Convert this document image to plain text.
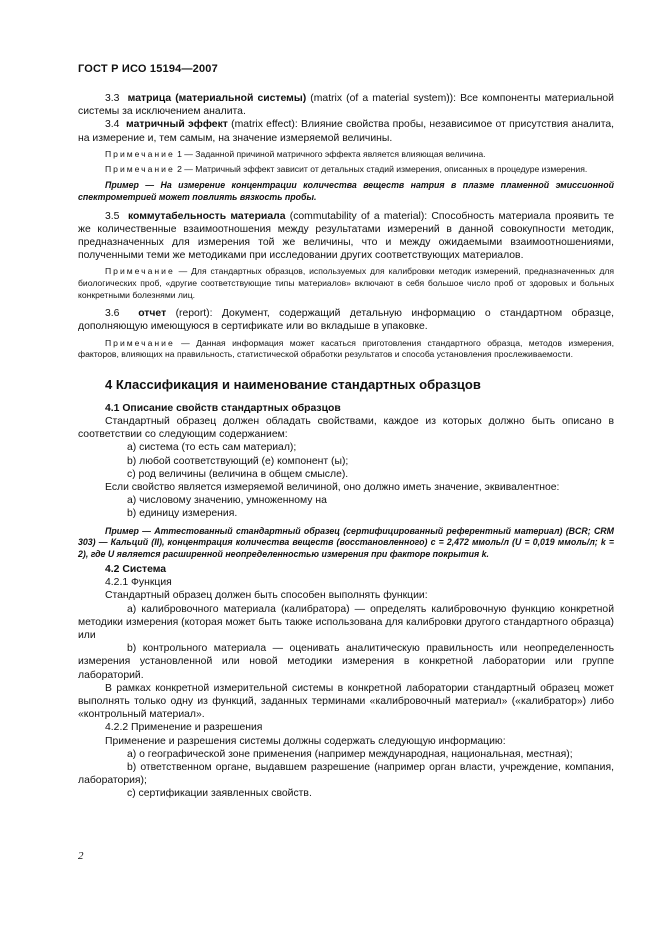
ГОСТ Р ИСО 15194—2007

3.3 матрица (материальной системы) (matrix (of a material system)): Все компоненты материальной системы за исключением аналита.

3.4 матричный эффект (matrix effect): Влияние свойства пробы, независимое от присутствия аналита, на измерение и, тем самым, на значение измеряемой величины.

Примечание 1 — Заданной причиной матричного эффекта является влияющая величина.

Примечание 2 — Матричный эффект зависит от детальных стадий измерения, описанных в процедуре измерения.

Пример — На измерение концентрации количества веществ натрия в плазме пламенной эмиссионной спектрометрией может повлиять вязкость пробы.

3.5 коммутабельность материала (commutability of a material): Способность материала проявить те же количественные взаимоотношения между результатами измерений в данной совокупности методик, предназначенных для измерения той же величины, что и между ожидаемыми взаимоотношениями, полученными теми же методиками при исследовании других соответствующих материалов.

Примечание — Для стандартных образцов, используемых для калибровки методик измерений, предназначенных для биологических проб, «другие соответствующие типы материалов» включают в себя большое число проб от здоровых и больных конкретными болезнями лиц.

3.6 отчет (report): Документ, содержащий детальную информацию о стандартном образце, дополняющую имеющуюся в сертификате или во вкладыше в упаковке.

Примечание — Данная информация может касаться приготовления стандартного образца, методов измерения, факторов, влияющих на правильность, статистической обработки результатов и способа установления прослеживаемости.

4 Классификация и наименование стандартных образцов

4.1 Описание свойств стандартных образцов

Стандартный образец должен обладать свойствами, каждое из которых должно быть описано в соответствии со следующим содержанием:

a) система (то есть сам материал);

b) любой соответствующий (е) компонент (ы);

c) род величины (величина в общем смысле).

Если свойство является измеряемой величиной, оно должно иметь значение, эквивалентное:

a) числовому значению, умноженному на

b) единицу измерения.

Пример — Аттестованный стандартный образец (сертифицированный референтный материал) (BCR; CRM 303) — Кальций (II), концентрация количества веществ (восстановленного) c = 2,472 ммоль/л (U = 0,019 ммоль/л; k = 2), где U является расширенной неопределенностью измерения при факторе покрытия k.

4.2 Система

4.2.1 Функция

Стандартный образец должен быть способен выполнять функции:

a) калибровочного материала (калибратора) — определять калибровочную функцию конкретной методики измерения (которая может быть также использована для калибровки другого стандартного образца) или

b) контрольного материала — оценивать аналитическую правильность или неопределенность измерения установленной или новой методики измерения в конкретной лаборатории или группе лабораторий.

В рамках конкретной измерительной системы в конкретной лаборатории стандартный образец может выполнять только одну из функций, заданных терминами «калибровочный материал» («калибратор») либо «контрольный материал».

4.2.2 Применение и разрешения

Применение и разрешения системы должны содержать следующую информацию:

a) о географической зоне применения (например международная, национальная, местная);

b) ответственном органе, выдавшем разрешение (например орган власти, учреждение, компания, лаборатория);

c) сертификации заявленных свойств.

2
